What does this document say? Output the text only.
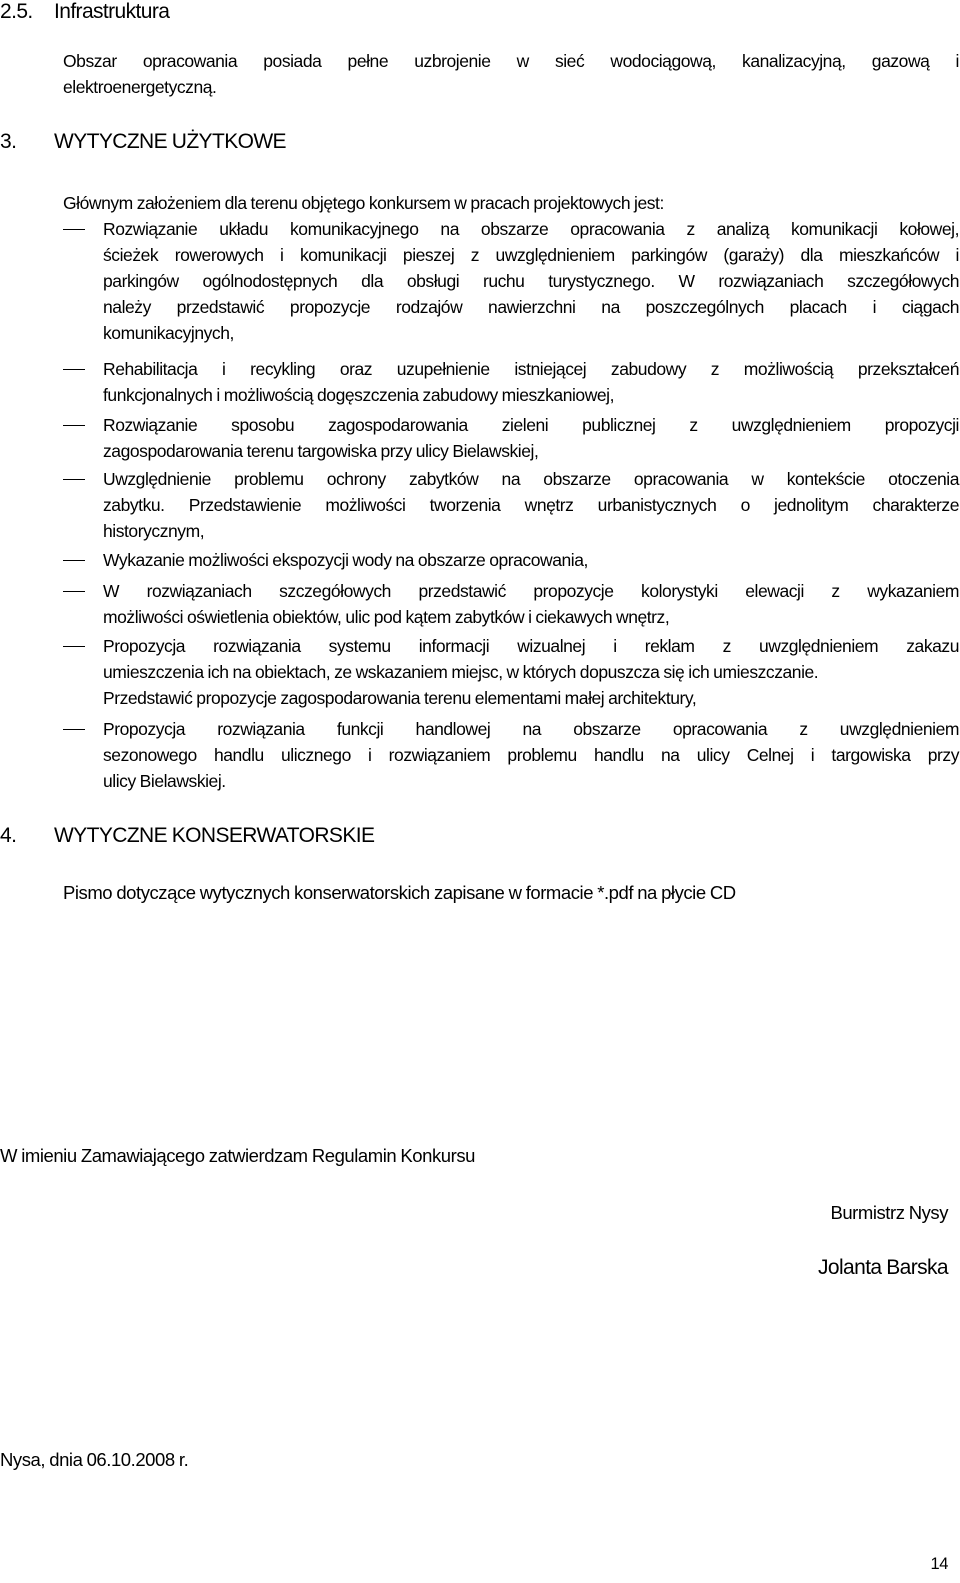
2.5. Infrastruktura
Obszar opracowania posiada pełne uzbrojenie w sieć wodociągową, kanalizacyjną, gazową i
elektroenergetyczną.
3. WYTYCZNE UŻYTKOWE
Głównym założeniem dla terenu objętego konkursem w pracach projektowych jest:
Rozwiązanie układu komunikacyjnego na obszarze opracowania z analizą komunikacji kołowej,
ścieżek rowerowych i komunikacji pieszej z uwzględnieniem parkingów (garaży) dla mieszkańców i
parkingów ogólnodostępnych dla obsługi ruchu turystycznego. W rozwiązaniach szczegółowych
należy przedstawić propozycje rodzajów nawierzchni na poszczególnych placach i ciągach
komunikacyjnych,
Rehabilitacja i recykling oraz uzupełnienie istniejącej zabudowy z możliwością przekształceń
funkcjonalnych i możliwością dogęszczenia zabudowy mieszkaniowej,
Rozwiązanie sposobu zagospodarowania zieleni publicznej z uwzględnieniem propozycji
zagospodarowania terenu targowiska przy ulicy Bielawskiej,
Uwzględnienie problemu ochrony zabytków na obszarze opracowania w kontekście otoczenia
zabytku. Przedstawienie możliwości tworzenia wnętrz urbanistycznych o jednolitym charakterze
historycznym,
Wykazanie możliwości ekspozycji wody na obszarze opracowania,
W rozwiązaniach szczegółowych przedstawić propozycje kolorystyki elewacji z wykazaniem
możliwości oświetlenia obiektów, ulic pod kątem zabytków i ciekawych wnętrz,
Propozycja rozwiązania systemu informacji wizualnej i reklam z uwzględnieniem zakazu
umieszczenia ich na obiektach, ze wskazaniem miejsc, w których dopuszcza się ich umieszczanie.
Przedstawić propozycje zagospodarowania terenu elementami małej architektury,
Propozycja rozwiązania funkcji handlowej na obszarze opracowania z uwzględnieniem
sezonowego handlu ulicznego i rozwiązaniem problemu handlu na ulicy Celnej i targowiska przy
ulicy Bielawskiej.
4. WYTYCZNE KONSERWATORSKIE
Pismo dotyczące wytycznych konserwatorskich zapisane w formacie *.pdf na płycie CD
W imieniu Zamawiającego zatwierdzam Regulamin Konkursu
Burmistrz Nysy
Jolanta Barska
Nysa, dnia 06.10.2008 r.
14
